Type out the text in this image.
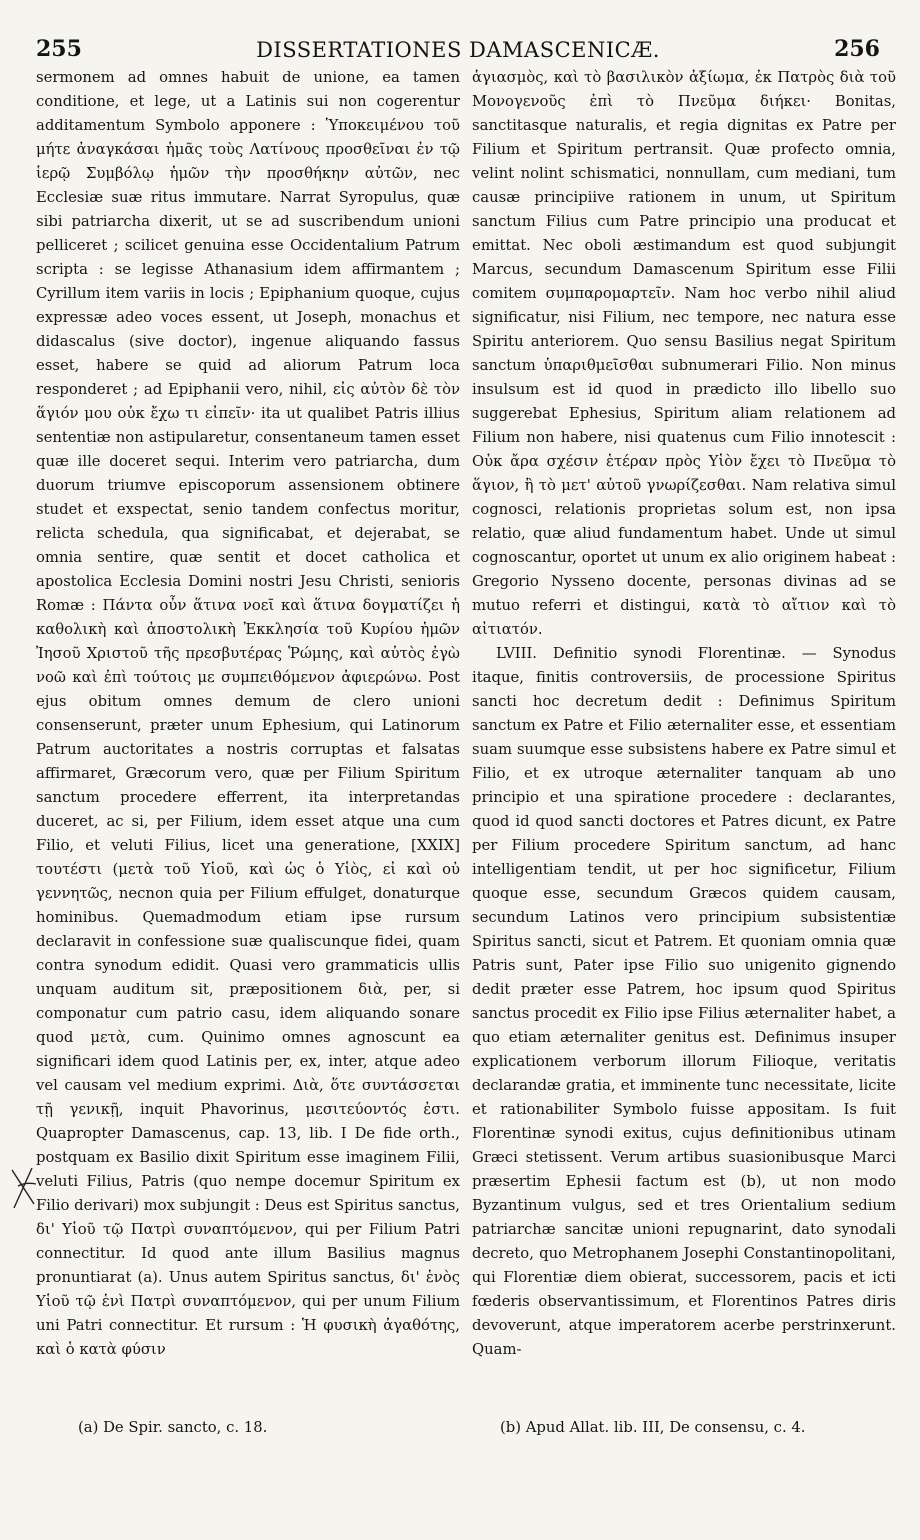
255	DISSERTATIONES DAMASCENICÆ.	256

sermonem ad omnes habuit de unione, ea tamen conditione, et lege, ut a Latinis sui non cogerentur additamentum Symbolo apponere : Ὑποκειμένου τοῦ μήτε ἀναγκάσαι ἡμᾶς τοὺς Λατίνους προσθεῖναι ἐν τῷ ἱερῷ Συμβόλῳ ἡμῶν τὴν προσθήκην αὐτῶν, nec Ecclesiæ suæ ritus immutare. Narrat Syropulus, quæ sibi patriarcha dixerit, ut se ad suscribendum unioni pelliceret ; scilicet genuina esse Occidentalium Patrum scripta : se legisse Athanasium idem affirmantem ; Cyrillum item variis in locis ; Epiphanium quoque, cujus expressæ adeo voces essent, ut Joseph, monachus et didascalus (sive doctor), ingenue aliquando fassus esset, habere se quid ad aliorum Patrum loca responderet ; ad Epiphanii vero, nihil, εἰς αὐτὸν δὲ τὸν ἅγιόν μου οὐκ ἔχω τι εἰπεῖν· ita ut qualibet Patris illius sententiæ non astipularetur, consentaneum tamen esset quæ ille doceret sequi. Interim vero patriarcha, dum duorum triumve episcoporum assensionem obtinere studet et exspectat, senio tandem confectus moritur, relicta schedula, qua significabat, et dejerabat, se omnia sentire, quæ sentit et docet catholica et apostolica Ecclesia Domini nostri Jesu Christi, senioris Romæ : Πάντα οὖν ἅτινα νοεῖ καὶ ἅτινα δογματίζει ἡ καθολικὴ καὶ ἀποστολικὴ Ἐκκλησία τοῦ Κυρίου ἡμῶν Ἰησοῦ Χριστοῦ τῆς πρεσβυτέρας Ῥώμης, καὶ αὐτὸς ἐγὼ νοῶ καὶ ἐπὶ τούτοις με συμπειθόμενον ἀφιερώνω. Post ejus obitum omnes demum de clero unioni consenserunt, præter unum Ephesium, qui Latinorum Patrum auctoritates a nostris corruptas et falsatas affirmaret, Græcorum vero, quæ per Filium Spiritum sanctum procedere efferrent, ita interpretandas duceret, ac si, per Filium, idem esset atque una cum Filio, et veluti Filius, licet una generatione, [XXIX] τουτέστι (μετὰ τοῦ Υἱοῦ, καὶ ὡς ὁ Υἱὸς, εἰ καὶ οὐ γεννητῶς, necnon quia per Filium effulget, donaturque hominibus. Quemadmodum etiam ipse rursum declaravit in confessione suæ qualiscunque fidei, quam contra synodum edidit. Quasi vero grammaticis ullis unquam auditum sit, præpositionem διὰ, per, si componatur cum patrio casu, idem aliquando sonare quod μετὰ, cum. Quinimo omnes agnoscunt ea significari idem quod Latinis per, ex, inter, atque adeo vel causam vel medium exprimi. Διὰ, ὅτε συντάσσεται τῇ γενικῇ, inquit Phavorinus, μεσιτεύοντός ἐστι. Quapropter Damascenus, cap. 13, lib. I De fide orth., postquam ex Basilio dixit Spiritum esse imaginem Filii, veluti Filius, Patris (quo nempe docemur Spiritum ex Filio derivari) mox subjungit : Deus est Spiritus sanctus, δι' Υἱοῦ τῷ Πατρὶ συναπτόμενον, qui per Filium Patri connectitur. Id quod ante illum Basilius magnus pronuntiarat (a). Unus autem Spiritus sanctus, δι' ἑνὸς Υἱοῦ τῷ ἑνὶ Πατρὶ συναπτόμενον, qui per unum Filium uni Patri connectitur. Et rursum : Ἡ φυσικὴ ἀγαθότης, καὶ ὁ κατὰ φύσιν

ἁγιασμὸς, καὶ τὸ βασιλικὸν ἀξίωμα, ἐκ Πατρὸς διὰ τοῦ Μονογενοῦς ἐπὶ τὸ Πνεῦμα διήκει· Bonitas, sanctitasque naturalis, et regia dignitas ex Patre per Filium et Spiritum pertransit. Quæ profecto omnia, velint nolint schismatici, nonnullam, cum mediani, tum causæ principiive rationem in unum, ut Spiritum sanctum Filius cum Patre principio una producat et emittat. Nec oboli æstimandum est quod subjungit Marcus, secundum Damascenum Spiritum esse Filii comitem συμπαρομαρτεῖν. Nam hoc verbo nihil aliud significatur, nisi Filium, nec tempore, nec natura esse Spiritu anteriorem. Quo sensu Basilius negat Spiritum sanctum ὑπαριθμεῖσθαι subnumerari Filio. Non minus insulsum est id quod in prædicto illo libello suo suggerebat Ephesius, Spiritum aliam relationem ad Filium non habere, nisi quatenus cum Filio innotescit : Οὐκ ἄρα σχέσιν ἑτέραν πρὸς Υἱὸν ἔχει τὸ Πνεῦμα τὸ ἅγιον, ἢ τὸ μετ' αὐτοῦ γνωρίζεσθαι. Nam relativa simul cognosci, relationis proprietas solum est, non ipsa relatio, quæ aliud fundamentum habet. Unde ut simul cognoscantur, oportet ut unum ex alio originem habeat : Gregorio Nysseno docente, personas divinas ad se mutuo referri et distingui, κατὰ τὸ αἴτιον καὶ τὸ αἰτιατόν.

LVIII. Definitio synodi Florentinæ. — Synodus itaque, finitis controversiis, de processione Spiritus sancti hoc decretum dedit : Definimus Spiritum sanctum ex Patre et Filio æternaliter esse, et essentiam suam suumque esse subsistens habere ex Patre simul et Filio, et ex utroque æternaliter tanquam ab uno principio et una spiratione procedere : declarantes, quod id quod sancti doctores et Patres dicunt, ex Patre per Filium procedere Spiritum sanctum, ad hanc intelligentiam tendit, ut per hoc significetur, Filium quoque esse, secundum Græcos quidem causam, secundum Latinos vero principium subsistentiæ Spiritus sancti, sicut et Patrem. Et quoniam omnia quæ Patris sunt, Pater ipse Filio suo unigenito gignendo dedit præter esse Patrem, hoc ipsum quod Spiritus sanctus procedit ex Filio ipse Filius æternaliter habet, a quo etiam æternaliter genitus est. Definimus insuper explicationem verborum illorum Filioque, veritatis declarandæ gratia, et imminente tunc necessitate, licite et rationabiliter Symbolo fuisse appositam. Is fuit Florentinæ synodi exitus, cujus definitionibus utinam Græci stetissent. Verum artibus suasionibusque Marci præsertim Ephesii factum est (b), ut non modo Byzantinum vulgus, sed et tres Orientalium sedium patriarchæ sancitæ unioni repugnarint, dato synodali decreto, quo Metrophanem Josephi Constantinopolitani, qui Florentiæ diem obierat, successorem, pacis et icti fœderis observantissimum, et Florentinos Patres diris devoverunt, atque imperatorem acerbe perstrinxerunt. Quam-

(a) De Spir. sancto, c. 18.	(b) Apud Allat. lib. III, De consensu, c. 4.
